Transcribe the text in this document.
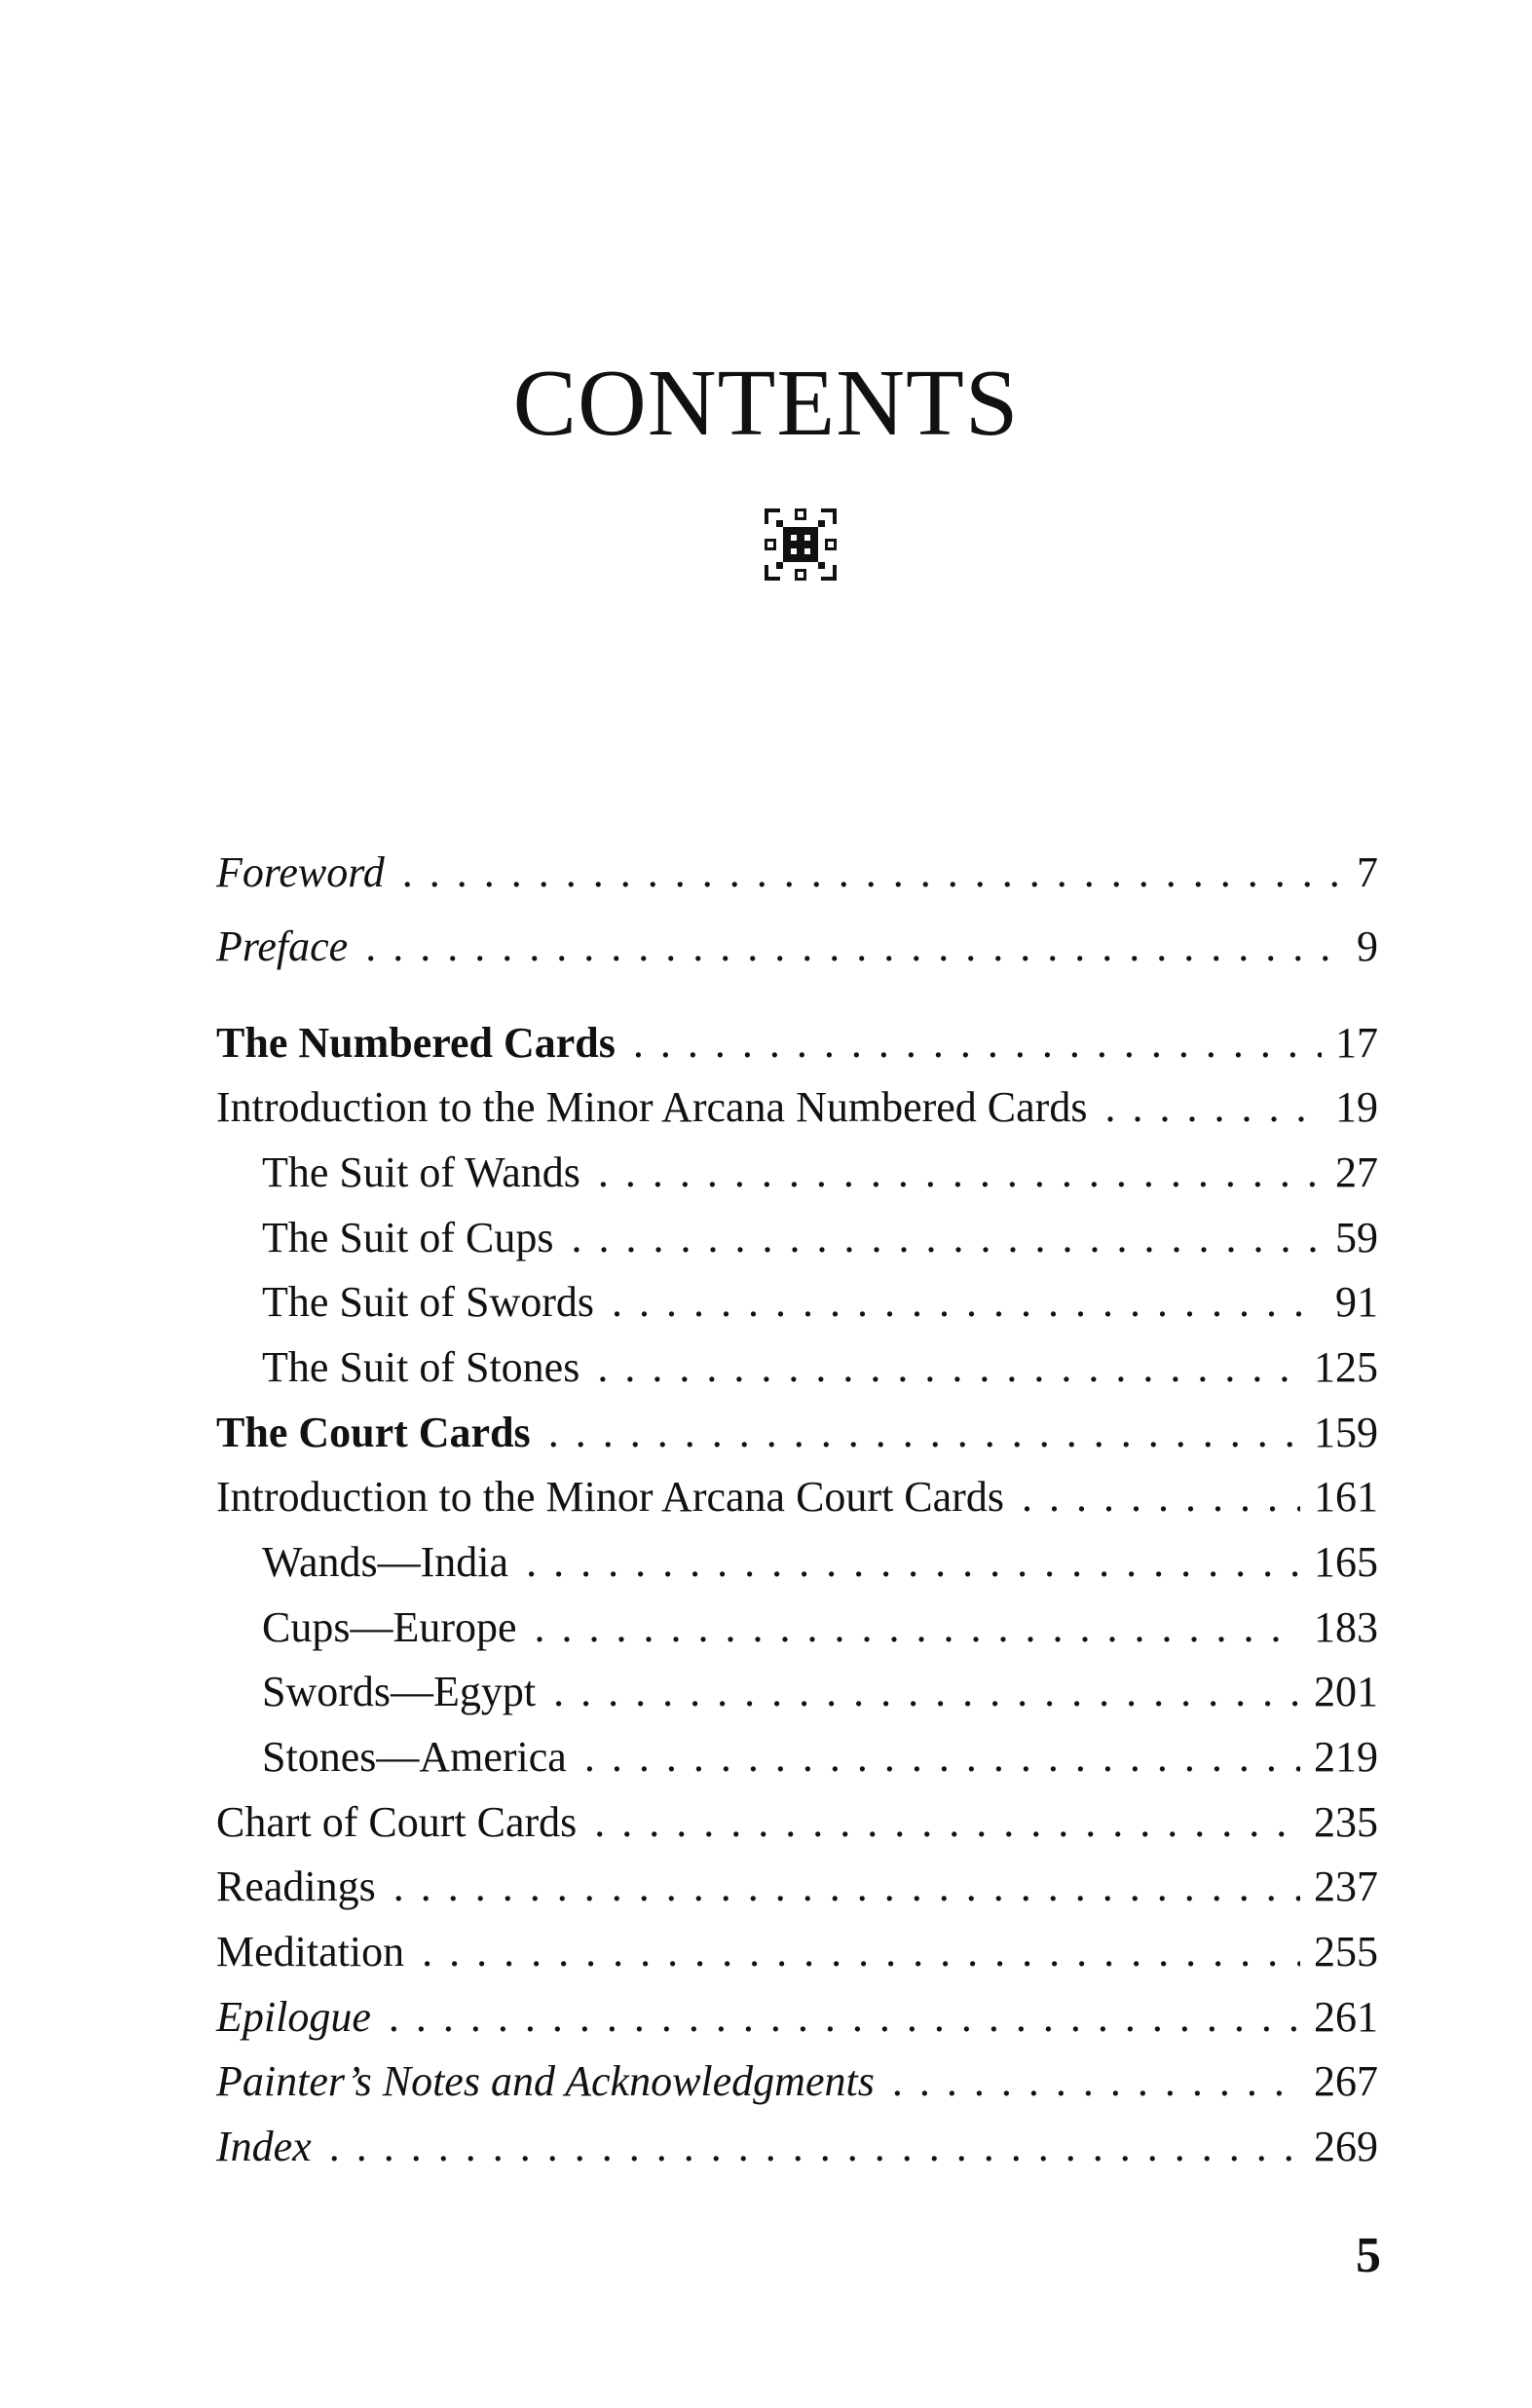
CONTENTS
Foreword . . .	7
Preface . . .	9
The Numbered Cards . . .	17
Introduction to the Minor Arcana Numbered Cards . . .	19
The Suit of Wands . . .	27
The Suit of Cups . . .	59
The Suit of Swords . . .	91
The Suit of Stones . . .	125
The Court Cards . . .	159
Introduction to the Minor Arcana Court Cards . . .	161
Wands—India . . .	165
Cups—Europe . . .	183
Swords—Egypt . . .	201
Stones—America . . .	219
Chart of Court Cards . . .	235
Readings . . .	237
Meditation . . .	255
Epilogue . . .	261
Painter’s Notes and Acknowledgments . . .	267
Index . . .	269
5
